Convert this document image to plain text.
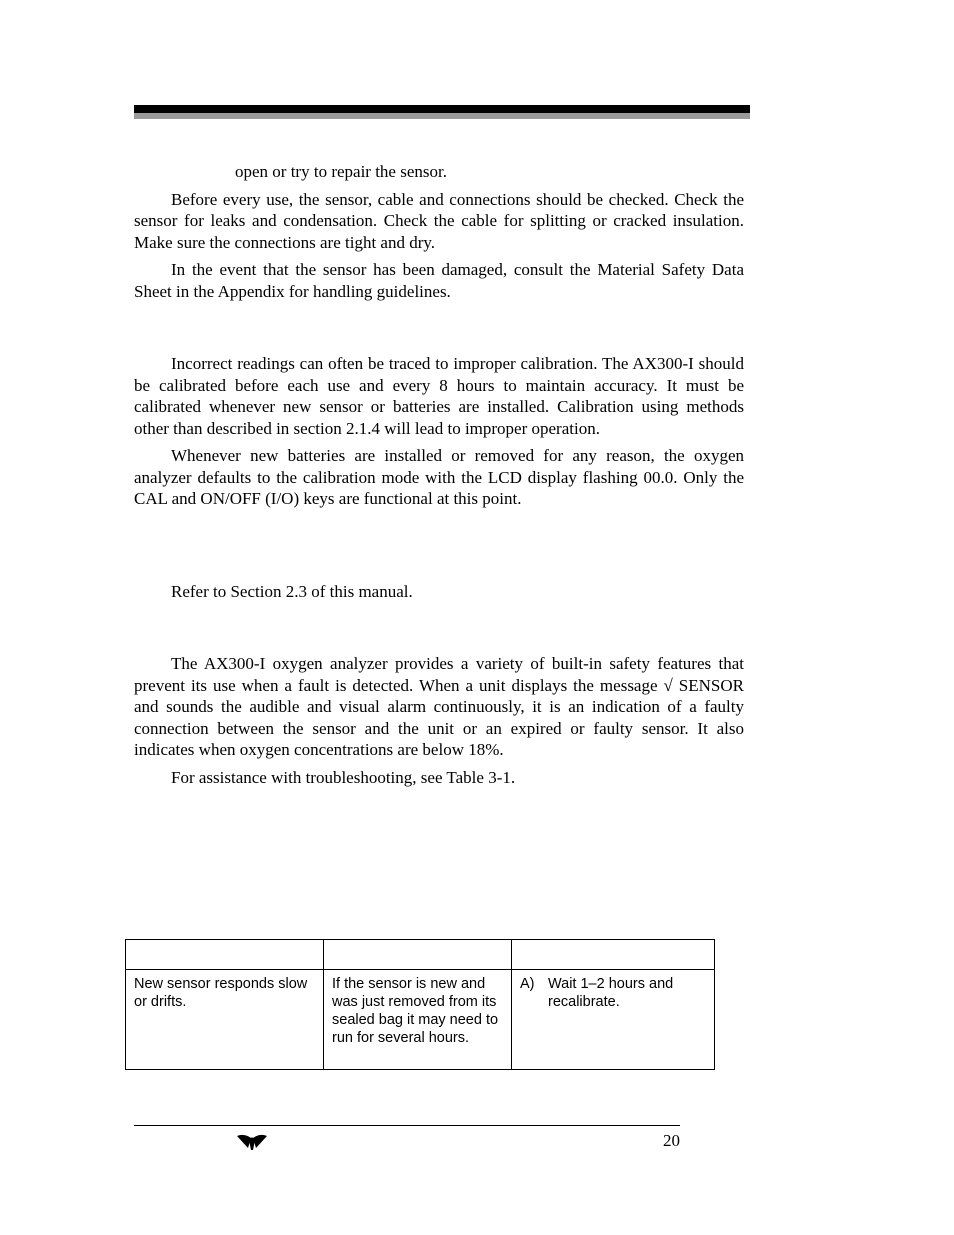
open or try to repair the sensor.

Before every use, the sensor, cable and connections should be checked. Check the sensor for leaks and condensation. Check the cable for splitting or cracked insulation. Make sure the connections are tight and dry.

In the event that the sensor has been damaged, consult the Material Safety Data Sheet in the Appendix for handling guidelines.

Incorrect readings can often be traced to improper calibration. The AX300-I should be calibrated before each use and every 8 hours to maintain accuracy. It must be calibrated whenever new sensor or batteries are installed. Calibration using methods other than described in section 2.1.4 will lead to improper operation.

Whenever new batteries are installed or removed for any reason, the oxygen analyzer defaults to the calibration mode with the LCD display flashing 00.0. Only the CAL and ON/OFF (I/O) keys are functional at this point.

Refer to Section 2.3 of this manual.

The AX300-I oxygen analyzer provides a variety of built-in safety features that prevent its use when a fault is detected. When a unit displays the message √ SENSOR and sounds the audible and visual alarm continuously, it is an indication of a faulty connection between the sensor and the unit or an expired or faulty sensor. It also indicates when oxygen concentrations are below 18%.

For assistance with troubleshooting, see Table 3-1.

New sensor responds slow or drifts.	If the sensor is new and was just removed from its sealed bag it may need to run for several hours.	A) Wait 1–2 hours and recalibrate.
20
